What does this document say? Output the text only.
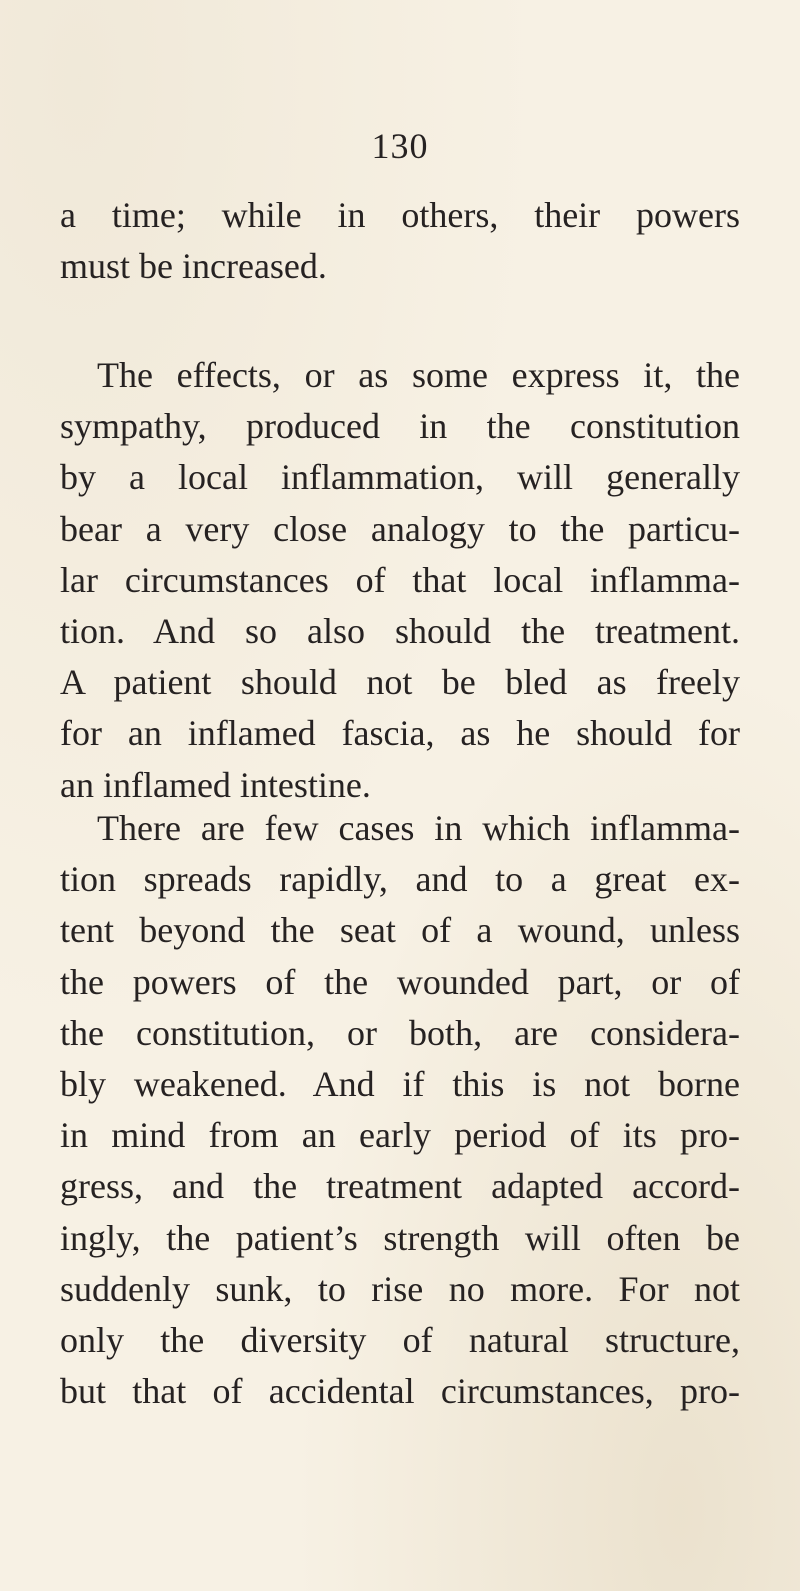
130
a time; while in others, their powers
must be increased.
The effects, or as some express it, the
sympathy, produced in the constitution
by a local inflammation, will generally
bear a very close analogy to the particu-
lar circumstances of that local inflamma-
tion. And so also should the treatment.
A patient should not be bled as freely
for an inflamed fascia, as he should for
an inflamed intestine.
There are few cases in which inflamma-
tion spreads rapidly, and to a great ex-
tent beyond the seat of a wound, unless
the powers of the wounded part, or of
the constitution, or both, are considera-
bly weakened. And if this is not borne
in mind from an early period of its pro-
gress, and the treatment adapted accord-
ingly, the patient’s strength will often be
suddenly sunk, to rise no more. For not
only the diversity of natural structure,
but that of accidental circumstances, pro-
